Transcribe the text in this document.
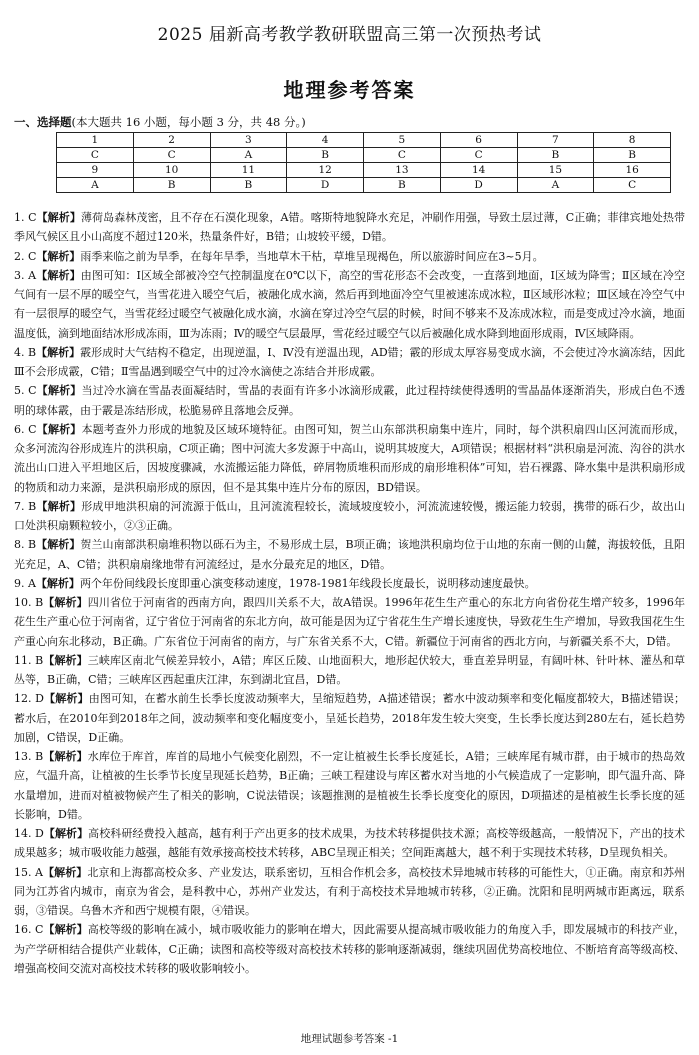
2025 届新高考教学教研联盟高三第一次预热考试
地理参考答案
一、选择题(本大题共 16 小题，每小题 3 分，共 48 分。)
1	2	3	4	5	6	7	8
C	C	A	B	C	C	B	B
9	10	11	12	13	14	15	16
A	B	B	D	B	D	A	C

1. C【解析】薄荷岛森林茂密，且不存在石漠化现象，A错。喀斯特地貌降水充足，冲刷作用强，导致土层过薄，C正确；菲律宾地处热带季风气候区且小山高度不超过120米，热量条件好，B错；山坡较平缓，D错。

2. C【解析】雨季来临之前为旱季，在每年旱季，当地草木干枯，草堆呈现褐色，所以旅游时间应在3~5月。

3. A【解析】由图可知：Ⅰ区域全部被冷空气控制温度在0℃以下，高空的雪花形态不会改变，一直落到地面，Ⅰ区域为降雪；Ⅱ区域在冷空气间有一层不厚的暖空气，当雪花进入暖空气后，被融化成水滴，然后再到地面冷空气里被速冻成冰粒，Ⅱ区域形冰粒；Ⅲ区域在冷空气中有一层很厚的暖空气，当雪花经过暖空气被融化成水滴，水滴在穿过冷空气层的时候，时间不够来不及冻成冰粒，而是变成过冷水滴，地面温度低，滴到地面结冰形成冻雨，Ⅲ为冻雨；Ⅳ的暖空气层最厚，雪花经过暖空气以后被融化成水降到地面形成雨，Ⅳ区域降雨。

4. B【解析】霰形成时大气结构不稳定，出现逆温，Ⅰ、Ⅳ没有逆温出现，AD错；霰的形成太厚容易变成水滴，不会使过冷水滴冻结，因此Ⅲ不会形成霰，C错；Ⅱ雪晶遇到暖空气中的过冷水滴使之冻结合并形成霰。

5. C【解析】当过冷水滴在雪晶表面凝结时，雪晶的表面有许多小冰滴形成霰，此过程持续使得透明的雪晶晶体逐渐消失，形成白色不透明的球体霰，由于霰是冻结形成，松脆易碎且落地会反弹。

6. C【解析】本题考查外力形成的地貌及区域环境特征。由图可知，贺兰山东部洪积扇集中连片，同时，每个洪积扇四山区河流而形成，众多河流沟谷形成连片的洪积扇，C项正确；图中河流大多发源于中高山，说明其坡度大，A项错误；根据材料“洪积扇是河流、沟谷的洪水流出山口进入平坦地区后，因坡度骤减，水流搬运能力降低，碎屑物质堆积而形成的扇形堆积体”可知，岩石裸露、降水集中是洪积扇形成的物质和动力来源，是洪积扇形成的原因，但不是其集中连片分布的原因，BD错误。

7. B【解析】形成甲地洪积扇的河流源于低山，且河流流程较长，流域坡度较小，河流流速较慢，搬运能力较弱，携带的砾石少，故出山口处洪积扇颗粒较小，②③正确。

8. B【解析】贺兰山南部洪积扇堆积物以砾石为主，不易形成土层，B项正确；该地洪积扇均位于山地的东南一侧的山麓，海拔较低，且阳光充足，A、C错；洪积扇扇缘地带有河流经过，是水分最充足的地区，D错。

9. A【解析】两个年份间线段长度即重心演变移动速度，1978-1981年线段长度最长，说明移动速度最快。

10. B【解析】四川省位于河南省的西南方向，跟四川关系不大，故A错误。1996年花生生产重心的东北方向省份花生增产较多，1996年花生生产重心位于河南省，辽宁省位于河南省的东北方向，故可能是因为辽宁省花生生产增长速度快，导致花生生产增加，导致我国花生生产重心向东北移动，B正确。广东省位于河南省的南方，与广东省关系不大，C错。新疆位于河南省的西北方向，与新疆关系不大，D错。

11. B【解析】三峡库区南北气候差异较小，A错；库区丘陵、山地面积大，地形起伏较大，垂直差异明显，有阔叶林、针叶林、灌丛和草丛等，B正确，C错；三峡库区西起重庆江津，东到湖北宜昌，D错。

12. D【解析】由图可知，在蓄水前生长季长度波动频率大，呈缩短趋势，A描述错误；蓄水中波动频率和变化幅度都较大，B描述错误；蓄水后，在2010年到2018年之间，波动频率和变化幅度变小，呈延长趋势，2018年发生较大突变，生长季长度达到280左右，延长趋势加剧，C错误，D正确。

13. B【解析】水库位于库首，库首的局地小气候变化剧烈，不一定让植被生长季长度延长，A错；三峡库尾有城市群，由于城市的热岛效应，气温升高，让植被的生长季节长度呈现延长趋势，B正确；三峡工程建设与库区蓄水对当地的小气候造成了一定影响，即气温升高、降水量增加，进而对植被物候产生了相关的影响，C说法错误；该题推测的是植被生长季长度变化的原因，D项描述的是植被生长季长度的延长影响，D错。

14. D【解析】高校科研经费投入越高，越有利于产出更多的技术成果，为技术转移提供技术源；高校等级越高，一般情况下，产出的技术成果越多；城市吸收能力越强，越能有效承接高校技术转移，ABC呈现正相关；空间距离越大，越不利于实现技术转移，D呈现负相关。

15. A【解析】北京和上海都高校众多、产业发达，联系密切，互相合作机会多，高校技术异地城市转移的可能性大，①正确。南京和苏州同为江苏省内城市，南京为省会，是科教中心，苏州产业发达，有利于高校技术异地城市转移，②正确。沈阳和昆明两城市距离远，联系弱，③错误。乌鲁木齐和西宁规模有限，④错误。

16. C【解析】高校等级的影响在减小，城市吸收能力的影响在增大，因此需要从提高城市吸收能力的角度入手，即发展城市的科技产业，为产学研相结合提供产业载体，C正确；读图和高校等级对高校技术转移的影响逐渐减弱，继续巩固优势高校地位、不断培育高等级高校、增强高校间交流对高校技术转移的吸收影响较小。

地理试题参考答案 -1
